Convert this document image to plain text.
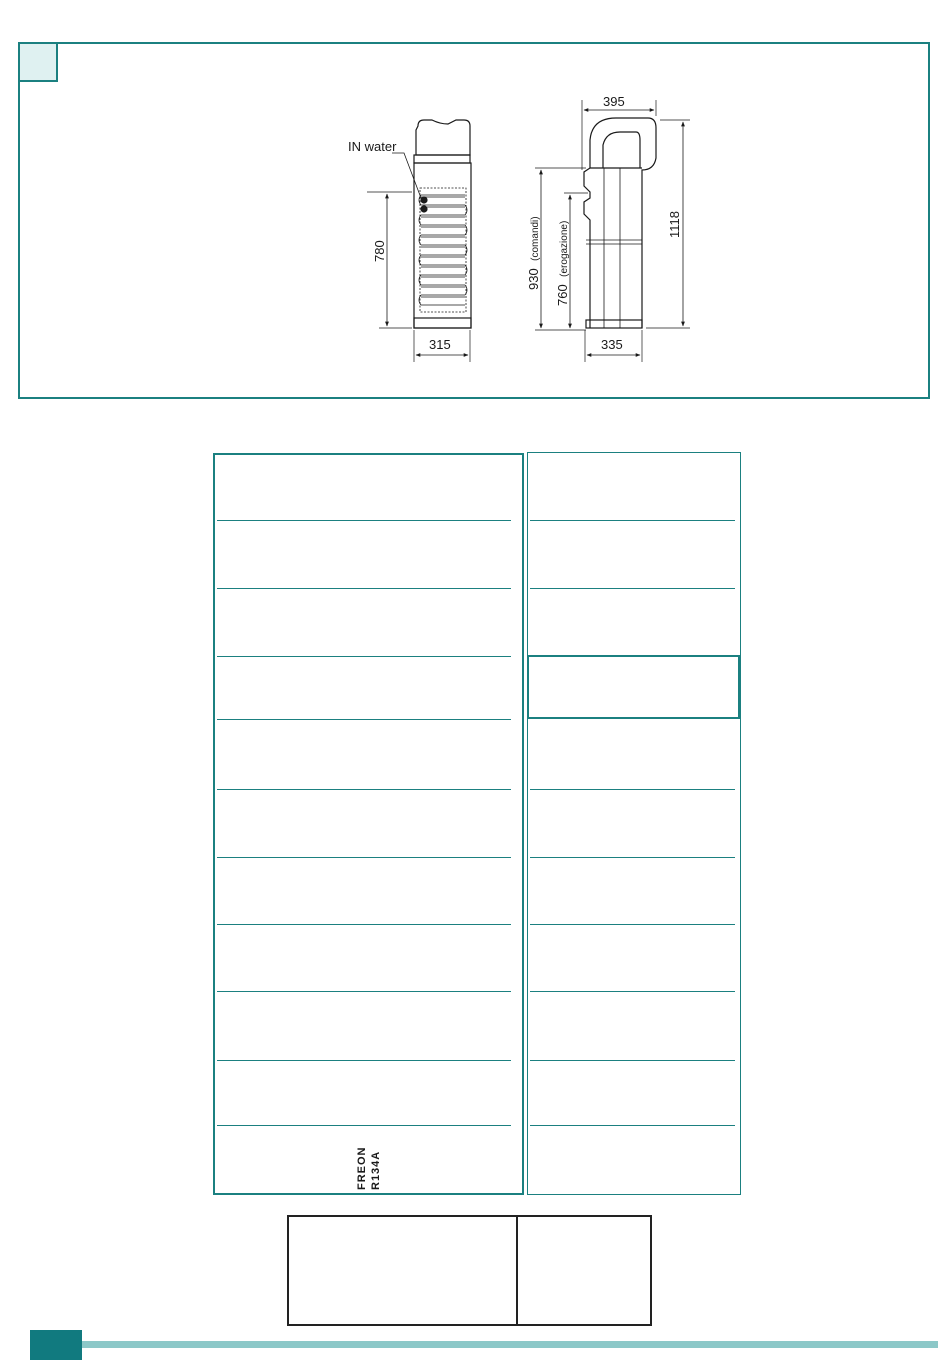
IN water
780
315
395
1118
930 (comandi)
760 (erogazione)
335
FREON R134A
